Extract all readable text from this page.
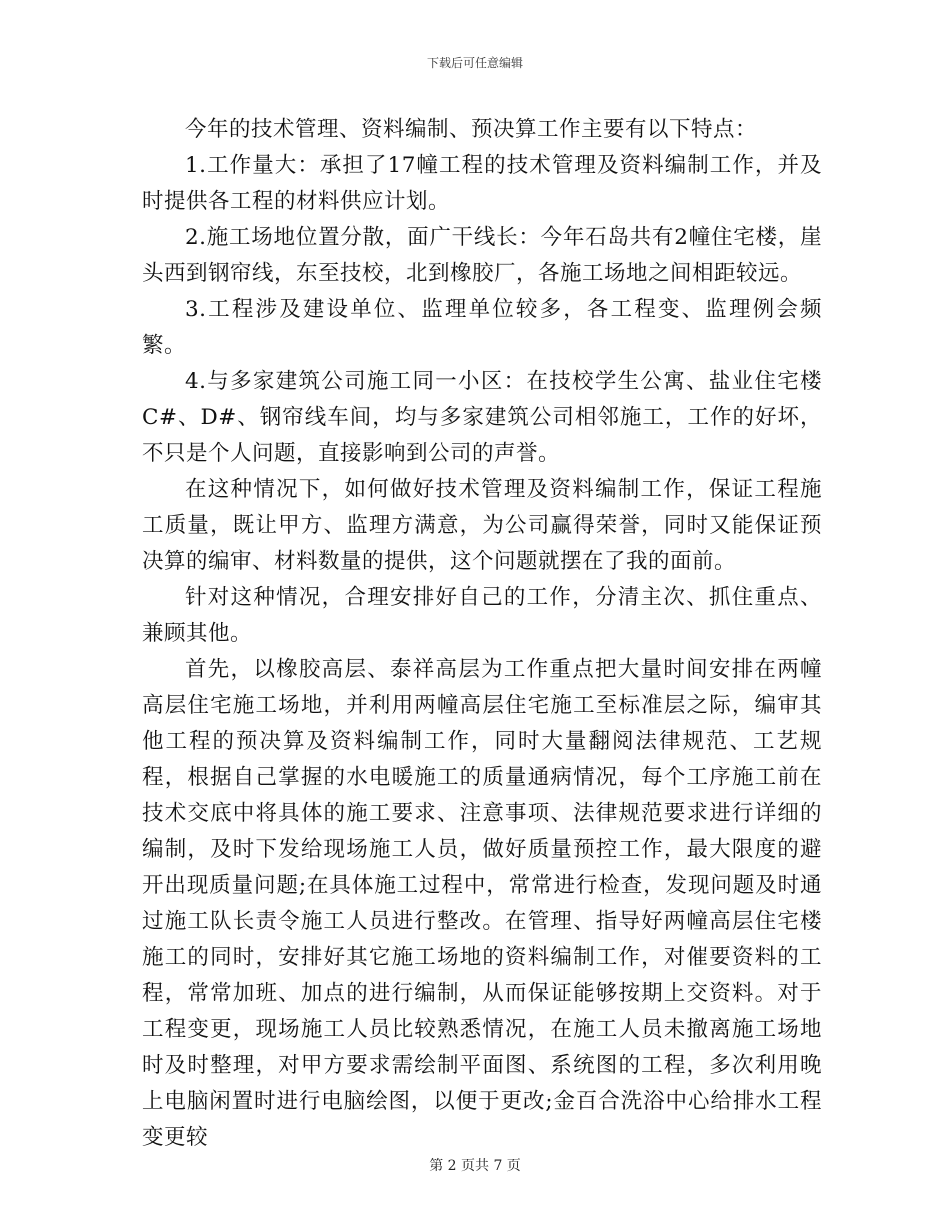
下载后可任意编辑

今年的技术管理、资料编制、预决算工作主要有以下特点：

1.工作量大：承担了17幢工程的技术管理及资料编制工作，并及时提供各工程的材料供应计划。

2.施工场地位置分散，面广干线长：今年石岛共有2幢住宅楼，崖头西到钢帘线，东至技校，北到橡胶厂，各施工场地之间相距较远。

3.工程涉及建设单位、监理单位较多，各工程变、监理例会频繁。

4.与多家建筑公司施工同一小区：在技校学生公寓、盐业住宅楼C#、D#、钢帘线车间，均与多家建筑公司相邻施工，工作的好坏，不只是个人问题，直接影响到公司的声誉。

在这种情况下，如何做好技术管理及资料编制工作，保证工程施工质量，既让甲方、监理方满意，为公司赢得荣誉，同时又能保证预决算的编审、材料数量的提供，这个问题就摆在了我的面前。

针对这种情况，合理安排好自己的工作，分清主次、抓住重点、兼顾其他。

首先，以橡胶高层、泰祥高层为工作重点把大量时间安排在两幢高层住宅施工场地，并利用两幢高层住宅施工至标准层之际，编审其他工程的预决算及资料编制工作，同时大量翻阅法律规范、工艺规程，根据自己掌握的水电暖施工的质量通病情况，每个工序施工前在技术交底中将具体的施工要求、注意事项、法律规范要求进行详细的编制，及时下发给现场施工人员，做好质量预控工作，最大限度的避开出现质量问题;在具体施工过程中，常常进行检查，发现问题及时通过施工队长责令施工人员进行整改。在管理、指导好两幢高层住宅楼施工的同时，安排好其它施工场地的资料编制工作，对催要资料的工程，常常加班、加点的进行编制，从而保证能够按期上交资料。对于工程变更，现场施工人员比较熟悉情况，在施工人员未撤离施工场地时及时整理，对甲方要求需绘制平面图、系统图的工程，多次利用晚上电脑闲置时进行电脑绘图，以便于更改;金百合洗浴中心给排水工程变更较

第 2 页共 7 页
